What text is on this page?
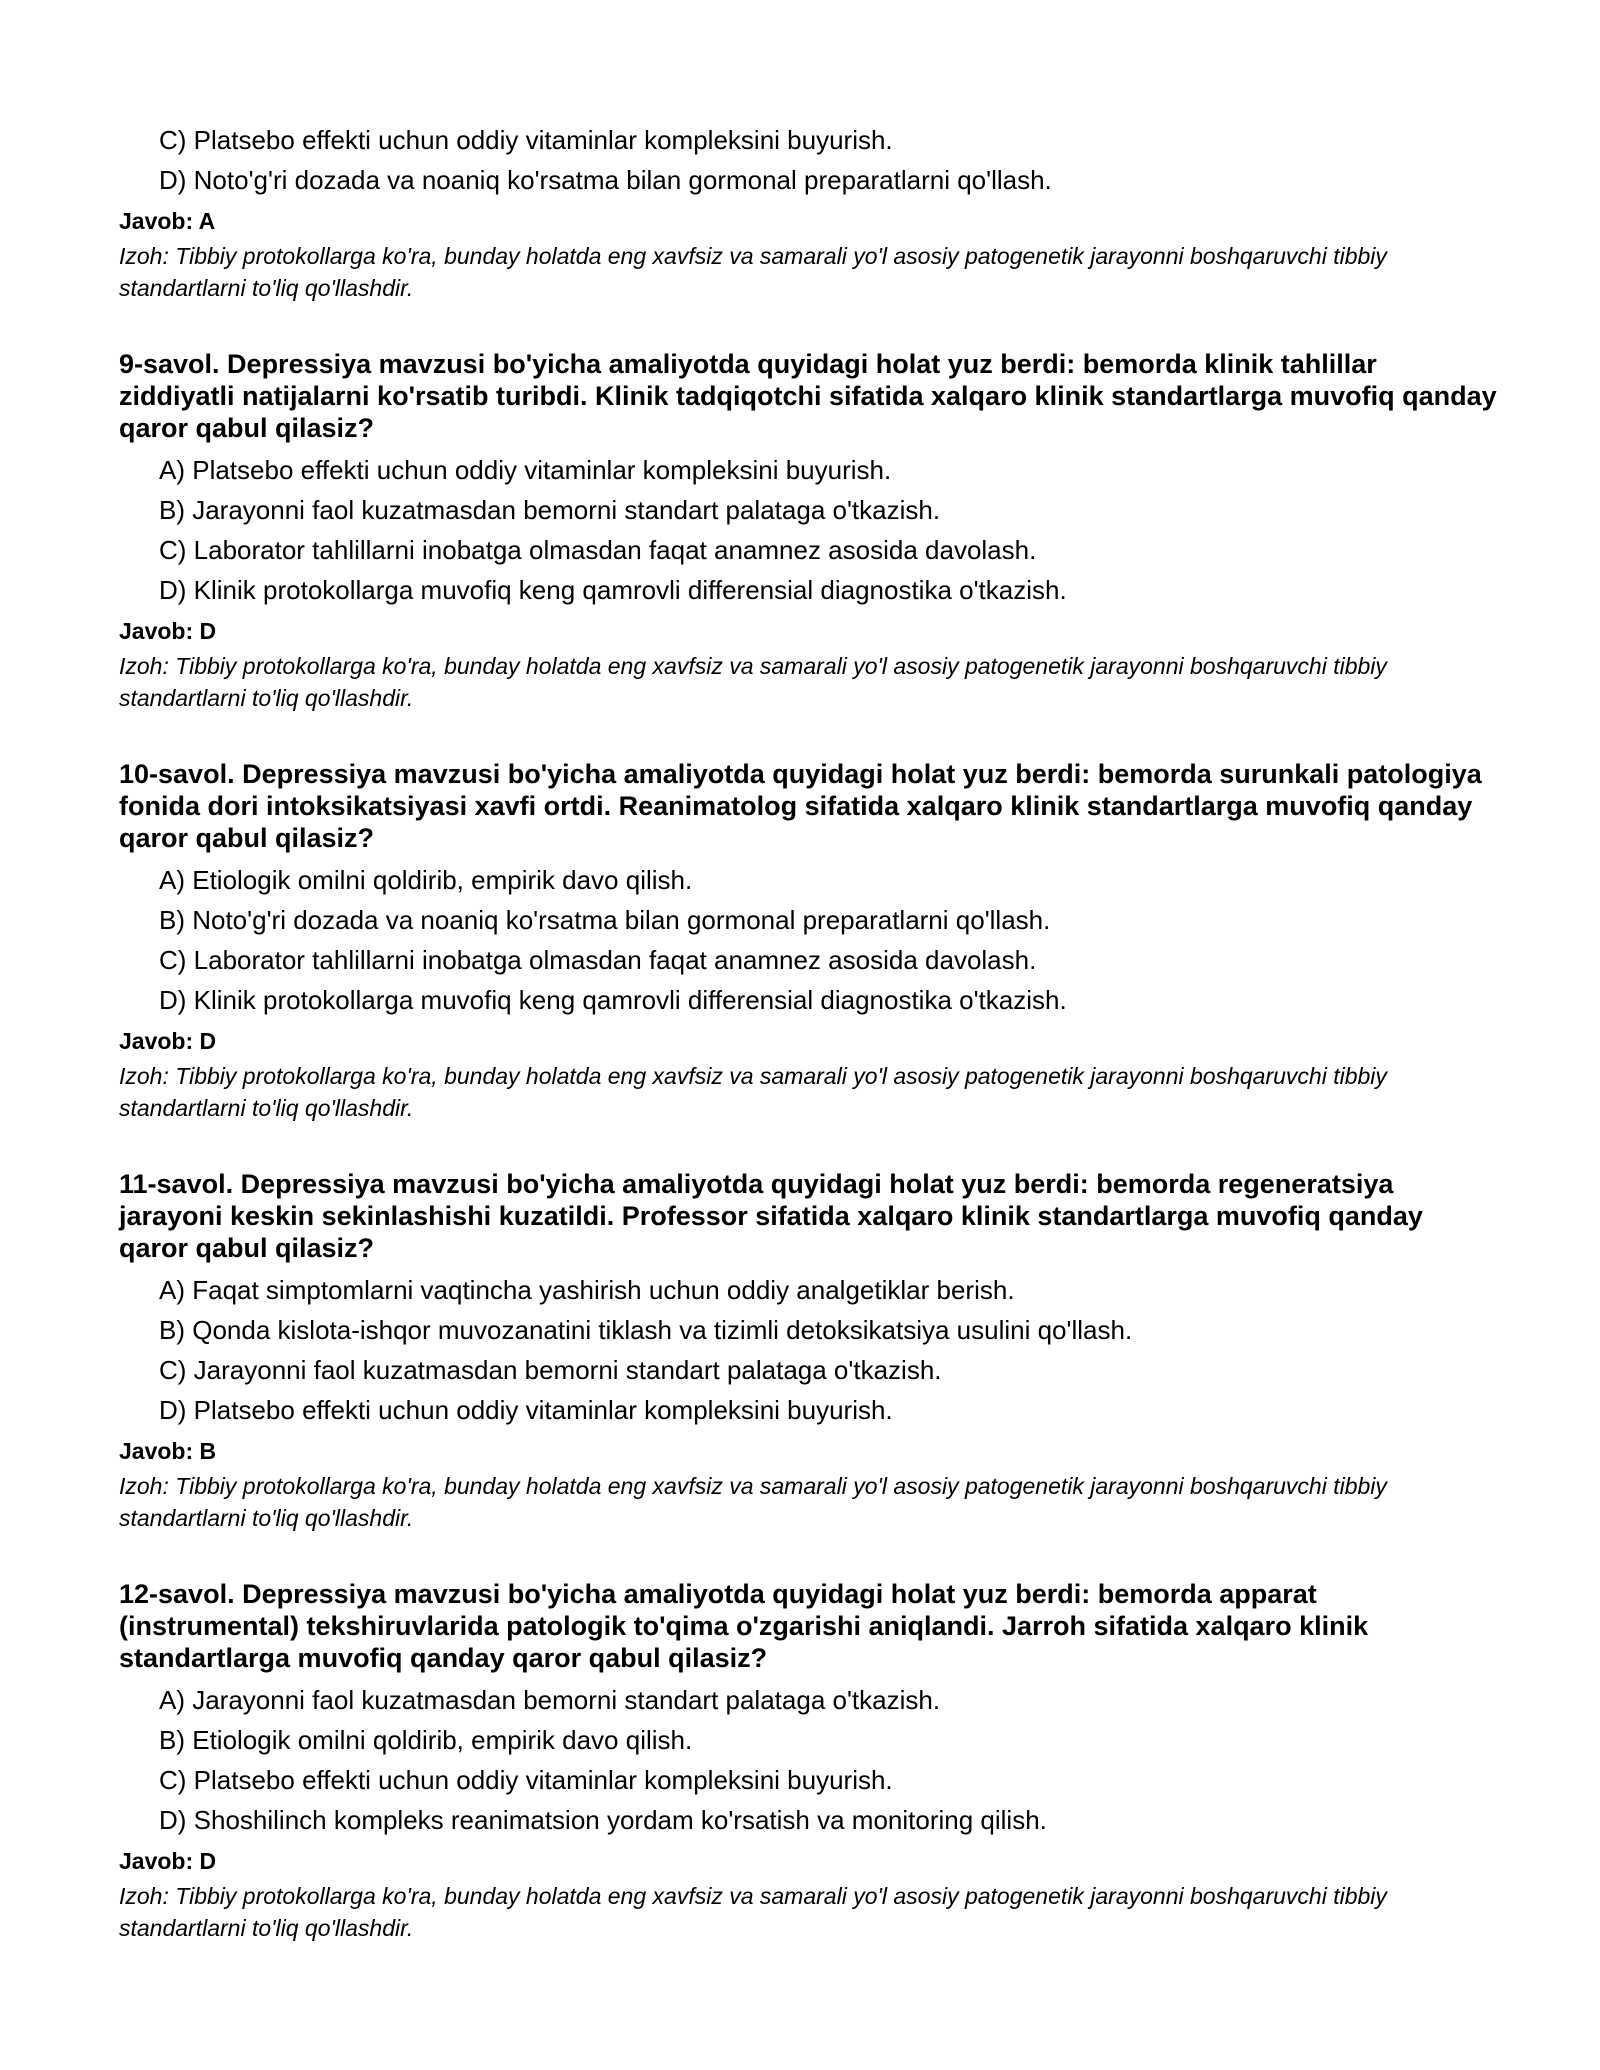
C) Platsebo effekti uchun oddiy vitaminlar kompleksini buyurish.
D) Noto'g'ri dozada va noaniq ko'rsatma bilan gormonal preparatlarni qo'llash.
Javob: A
Izoh: Tibbiy protokollarga ko'ra, bunday holatda eng xavfsiz va samarali yo'l asosiy patogenetik jarayonni boshqaruvchi tibbiy standartlarni to'liq qo'llashdir.
9-savol. Depressiya mavzusi bo'yicha amaliyotda quyidagi holat yuz berdi: bemorda klinik tahlillar ziddiyatli natijalarni ko'rsatib turibdi. Klinik tadqiqotchi sifatida xalqaro klinik standartlarga muvofiq qanday qaror qabul qilasiz?
A) Platsebo effekti uchun oddiy vitaminlar kompleksini buyurish.
B) Jarayonni faol kuzatmasdan bemorni standart palataga o'tkazish.
C) Laborator tahlillarni inobatga olmasdan faqat anamnez asosida davolash.
D) Klinik protokollarga muvofiq keng qamrovli differensial diagnostika o'tkazish.
Javob: D
Izoh: Tibbiy protokollarga ko'ra, bunday holatda eng xavfsiz va samarali yo'l asosiy patogenetik jarayonni boshqaruvchi tibbiy standartlarni to'liq qo'llashdir.
10-savol. Depressiya mavzusi bo'yicha amaliyotda quyidagi holat yuz berdi: bemorda surunkali patologiya fonida dori intoksikatsiyasi xavfi ortdi. Reanimatolog sifatida xalqaro klinik standartlarga muvofiq qanday qaror qabul qilasiz?
A) Etiologik omilni qoldirib, empirik davo qilish.
B) Noto'g'ri dozada va noaniq ko'rsatma bilan gormonal preparatlarni qo'llash.
C) Laborator tahlillarni inobatga olmasdan faqat anamnez asosida davolash.
D) Klinik protokollarga muvofiq keng qamrovli differensial diagnostika o'tkazish.
Javob: D
Izoh: Tibbiy protokollarga ko'ra, bunday holatda eng xavfsiz va samarali yo'l asosiy patogenetik jarayonni boshqaruvchi tibbiy standartlarni to'liq qo'llashdir.
11-savol. Depressiya mavzusi bo'yicha amaliyotda quyidagi holat yuz berdi: bemorda regeneratsiya jarayoni keskin sekinlashishi kuzatildi. Professor sifatida xalqaro klinik standartlarga muvofiq qanday qaror qabul qilasiz?
A) Faqat simptomlarni vaqtincha yashirish uchun oddiy analgetiklar berish.
B) Qonda kislota-ishqor muvozanatini tiklash va tizimli detoksikatsiya usulini qo'llash.
C) Jarayonni faol kuzatmasdan bemorni standart palataga o'tkazish.
D) Platsebo effekti uchun oddiy vitaminlar kompleksini buyurish.
Javob: B
Izoh: Tibbiy protokollarga ko'ra, bunday holatda eng xavfsiz va samarali yo'l asosiy patogenetik jarayonni boshqaruvchi tibbiy standartlarni to'liq qo'llashdir.
12-savol. Depressiya mavzusi bo'yicha amaliyotda quyidagi holat yuz berdi: bemorda apparat (instrumental) tekshiruvlarida patologik to'qima o'zgarishi aniqlandi. Jarroh sifatida xalqaro klinik standartlarga muvofiq qanday qaror qabul qilasiz?
A) Jarayonni faol kuzatmasdan bemorni standart palataga o'tkazish.
B) Etiologik omilni qoldirib, empirik davo qilish.
C) Platsebo effekti uchun oddiy vitaminlar kompleksini buyurish.
D) Shoshilinch kompleks reanimatsion yordam ko'rsatish va monitoring qilish.
Javob: D
Izoh: Tibbiy protokollarga ko'ra, bunday holatda eng xavfsiz va samarali yo'l asosiy patogenetik jarayonni boshqaruvchi tibbiy standartlarni to'liq qo'llashdir.
